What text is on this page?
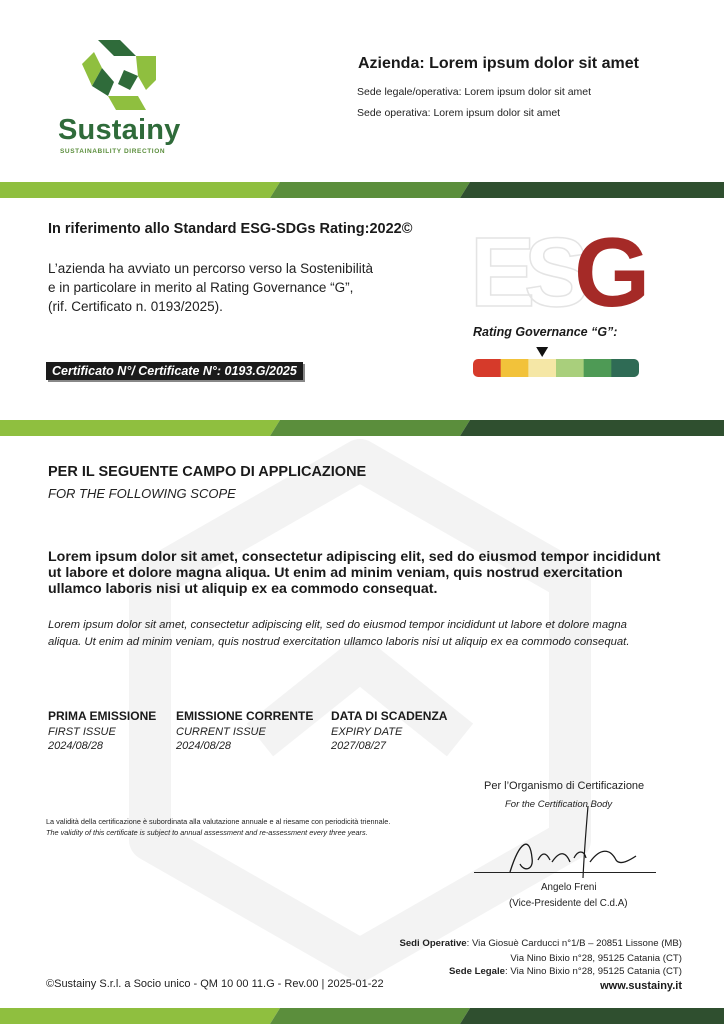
Sustainy
SUSTAINABILITY DIRECTION
Azienda: Lorem ipsum dolor sit amet
Sede legale/operativa: Lorem ipsum dolor sit amet
Sede operativa: Lorem ipsum dolor sit amet
In riferimento allo Standard ESG-SDGs Rating:2022©
L’azienda ha avviato un percorso verso la Sostenibilità
e in particolare in merito al Rating Governance “G”,
(rif. Certificato n. 0193/2025).
Certificato N°/ Certificate N°: 0193.G/2025
E
S
G
Rating Governance “G”:
PER IL SEGUENTE CAMPO DI APPLICAZIONE
FOR THE FOLLOWING SCOPE
Lorem ipsum dolor sit amet, consectetur adipiscing elit, sed do eiusmod tempor incididunt
ut labore et dolore magna aliqua. Ut enim ad minim veniam, quis nostrud exercitation
ullamco laboris nisi ut aliquip ex ea commodo consequat.
Lorem ipsum dolor sit amet, consectetur adipiscing elit, sed do eiusmod tempor incididunt ut labore et dolore magna
aliqua. Ut enim ad minim veniam, quis nostrud exercitation ullamco laboris nisi ut aliquip ex ea commodo consequat.
PRIMA EMISSIONE
FIRST ISSUE
2024/08/28
EMISSIONE CORRENTE
CURRENT ISSUE
2024/08/28
DATA DI SCADENZA
EXPIRY DATE
2027/08/27
Per l’Organismo di Certificazione
For the Certification Body
Angelo Freni
(Vice-Presidente del C.d.A)
La validità della certificazione è subordinata alla valutazione annuale e al riesame con periodicità triennale.
The validity of this certificate is subject to annual assessment and re-assessment every three years.
Sedi Operative: Via Giosuè Carducci n°1/B – 20851 Lissone (MB)
Via Nino Bixio n°28, 95125 Catania (CT)
Sede Legale: Via Nino Bixio n°28, 95125 Catania (CT)
www.sustainy.it
©Sustainy S.r.l. a Socio unico - QM 10 00 11.G - Rev.00 | 2025-01-22
